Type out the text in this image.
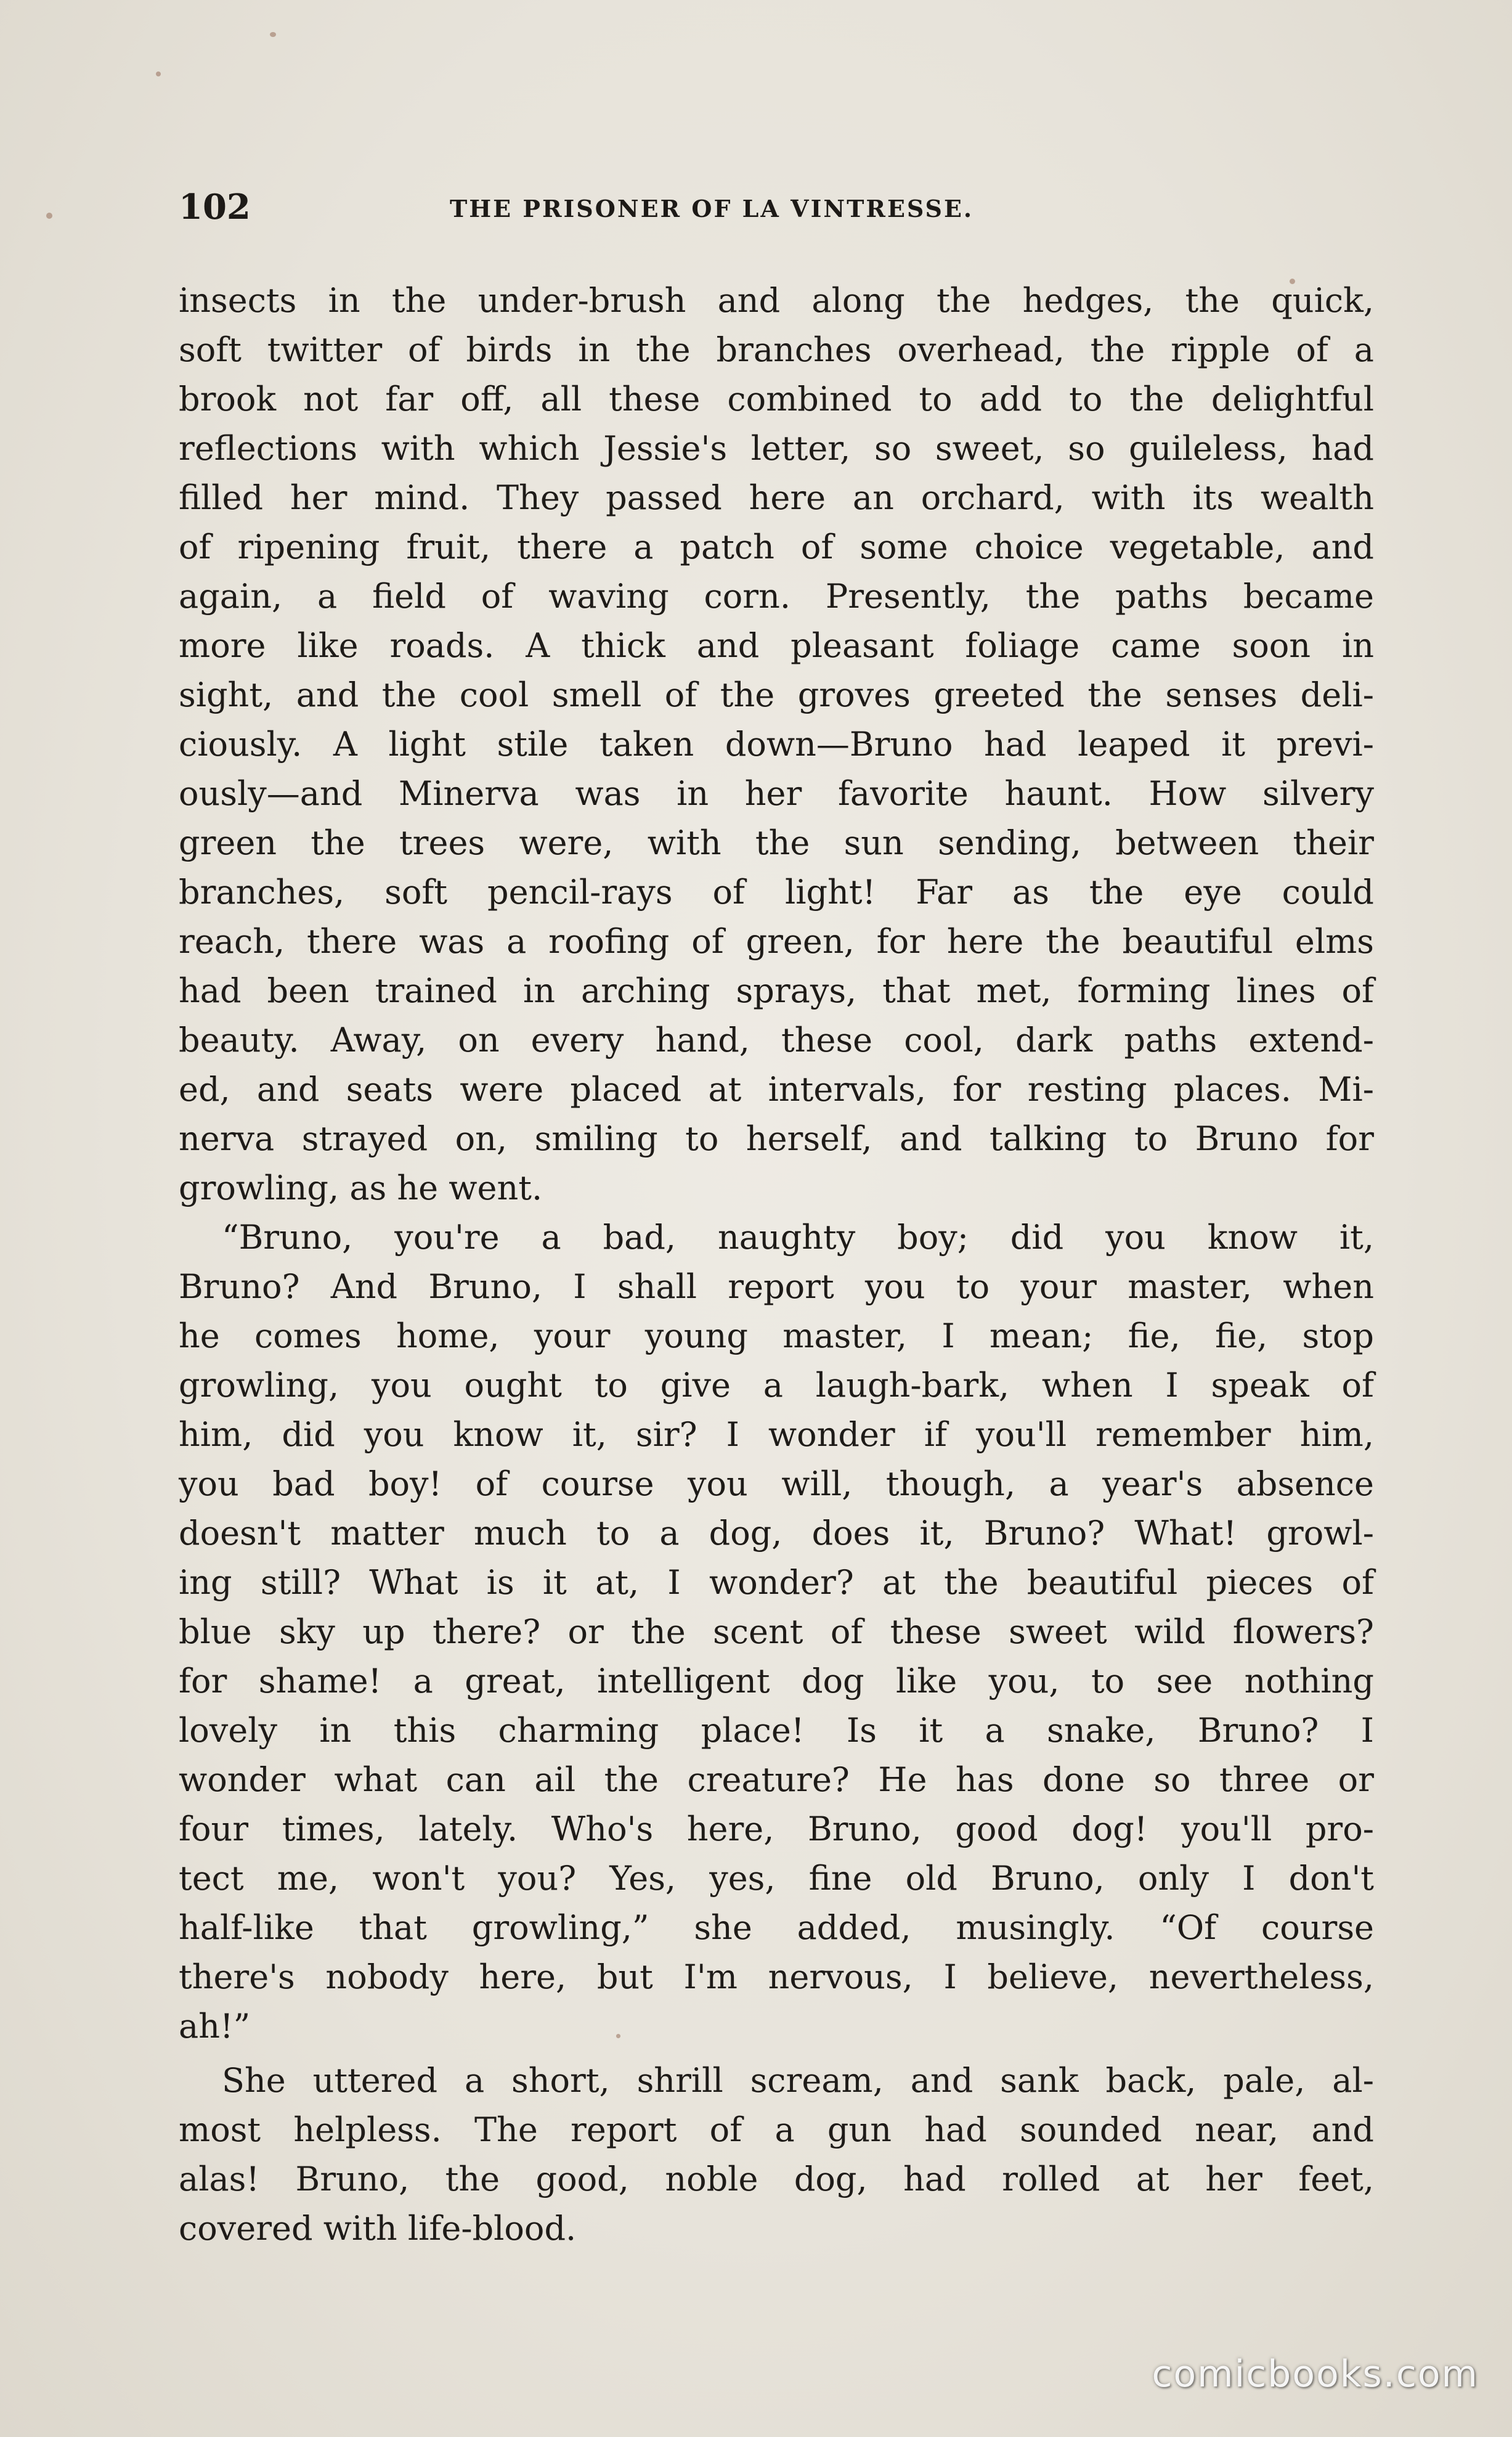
102	THE PRISONER OF LA VINTRESSE.
insects in the under-brush and along the hedges, the quick,
soft twitter of birds in the branches overhead, the ripple of a
brook not far off, all these combined to add to the delightful
reflections with which Jessie's letter, so sweet, so guileless, had
filled her mind. They passed here an orchard, with its wealth
of ripening fruit, there a patch of some choice vegetable, and
again, a field of waving corn. Presently, the paths became
more like roads. A thick and pleasant foliage came soon in
sight, and the cool smell of the groves greeted the senses deli-
ciously. A light stile taken down—Bruno had leaped it previ-
ously—and Minerva was in her favorite haunt. How silvery
green the trees were, with the sun sending, between their
branches, soft pencil-rays of light! Far as the eye could
reach, there was a roofing of green, for here the beautiful elms
had been trained in arching sprays, that met, forming lines of
beauty. Away, on every hand, these cool, dark paths extend-
ed, and seats were placed at intervals, for resting places. Mi-
nerva strayed on, smiling to herself, and talking to Bruno for
growling, as he went.
“Bruno, you're a bad, naughty boy; did you know it,
Bruno? And Bruno, I shall report you to your master, when
he comes home, your young master, I mean; fie, fie, stop
growling, you ought to give a laugh-bark, when I speak of
him, did you know it, sir? I wonder if you'll remember him,
you bad boy! of course you will, though, a year's absence
doesn't matter much to a dog, does it, Bruno? What! growl-
ing still? What is it at, I wonder? at the beautiful pieces of
blue sky up there? or the scent of these sweet wild flowers?
for shame! a great, intelligent dog like you, to see nothing
lovely in this charming place! Is it a snake, Bruno? I
wonder what can ail the creature? He has done so three or
four times, lately. Who's here, Bruno, good dog! you'll pro-
tect me, won't you? Yes, yes, fine old Bruno, only I don't
half-like that growling,” she added, musingly. “Of course
there's nobody here, but I'm nervous, I believe, nevertheless,
ah!”
She uttered a short, shrill scream, and sank back, pale, al-
most helpless. The report of a gun had sounded near, and
alas! Bruno, the good, noble dog, had rolled at her feet,
covered with life-blood.
comicbooks.com
